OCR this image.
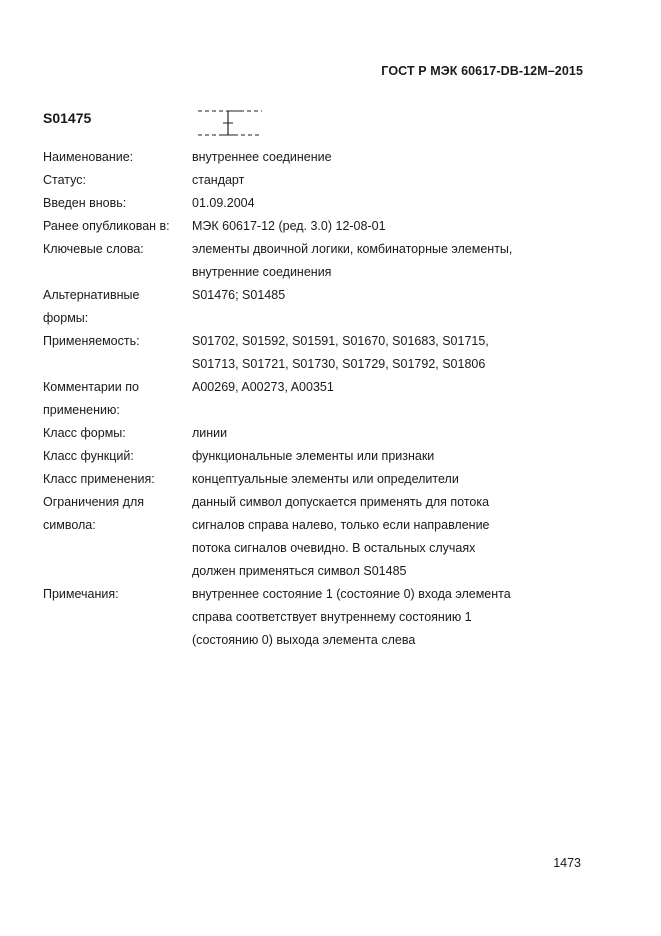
ГОСТ Р МЭК 60617-DB-12М–2015
S01475
Наименование:	внутреннее соединение
Статус:	стандарт
Введен вновь:	01.09.2004
Ранее опубликован в:	МЭК 60617-12 (ред. 3.0) 12-08-01
Ключевые слова:	элементы двоичной логики, комбинаторные элементы,
внутренние соединения
Альтернативные
формы:
S01476; S01485
Применяемость:	S01702, S01592, S01591, S01670, S01683, S01715,
S01713, S01721, S01730, S01729, S01792, S01806
Комментарии по
применению:
A00269, A00273, A00351
Класс формы:	линии
Класс функций:	функциональные элементы или признаки
Класс применения:	концептуальные элементы или определители
Ограничения для
символа:
данный символ допускается применять для потока
сигналов справа налево, только если направление
потока сигналов очевидно. В остальных случаях
должен применяться символ S01485
Примечания:	внутреннее состояние 1 (состояние 0) входа элемента
справа соответствует внутреннему состоянию 1
(состоянию 0) выхода элемента слева
1473
